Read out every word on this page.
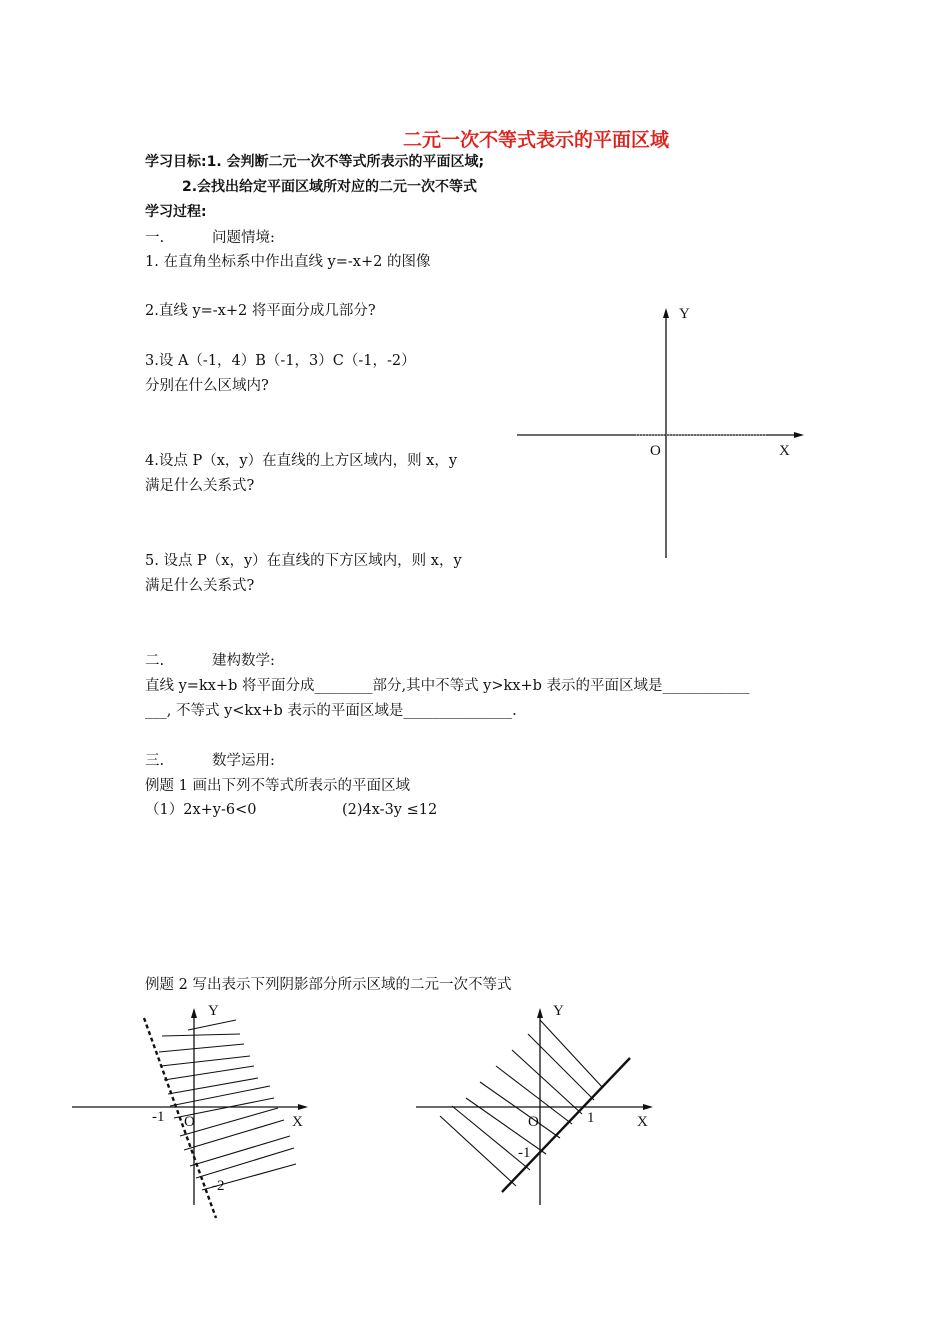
二元一次不等式表示的平面区域
学习目标:1. 会判断二元一次不等式所表示的平面区域;
2.会找出给定平面区域所对应的二元一次不等式
学习过程:
一.	问题情境:
1. 在直角坐标系中作出直线 y=-x+2 的图像
2.直线 y=-x+2 将平面分成几部分?
3.设 A（-1，4）B（-1，3）C（-1，-2）
分别在什么区域内?
4.设点 P（x，y）在直线的上方区域内，则 x，y
满足什么关系式?
5. 设点 P（x，y）在直线的下方区域内，则 x，y
满足什么关系式?
Y
X
O
二.	建构数学:
直线 y=kx+b 将平面分成________部分,其中不等式 y>kx+b 表示的平面区域是____________
___, 不等式 y<kx+b 表示的平面区域是_______________.
三.	数学运用:
例题 1 画出下列不等式所表示的平面区域
（1）2x+y-6<0	(2)4x-3y ≤12
例题 2 写出表示下列阴影部分所示区域的二元一次不等式
Y
X
O
-1
-2
Y
X
O	1
-1
